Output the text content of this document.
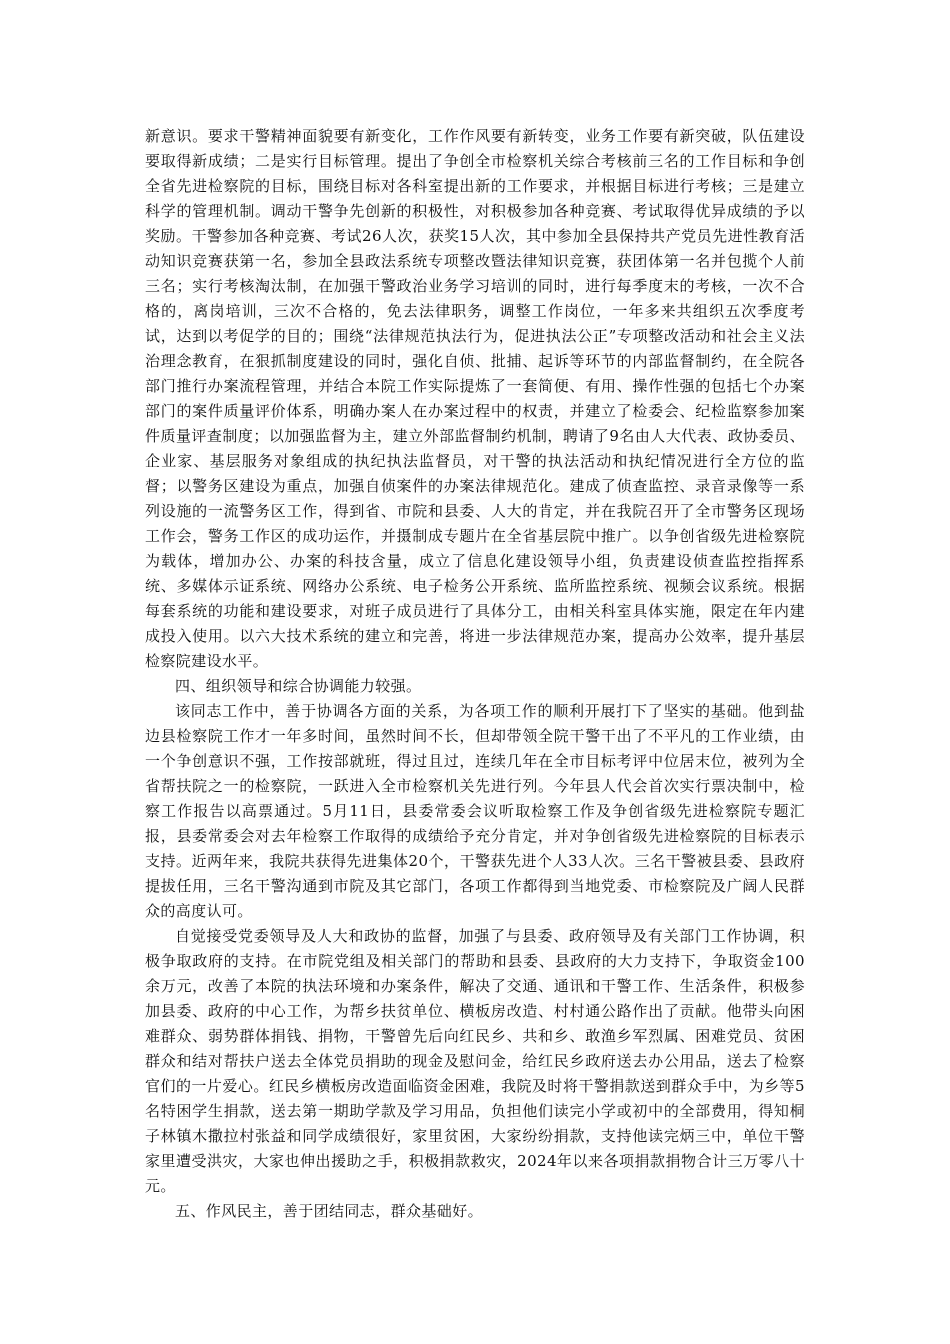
新意识。要求干警精神面貌要有新变化，工作作风要有新转变，业务工作要有新突破，队伍建设要取得新成绩；二是实行目标管理。提出了争创全市检察机关综合考核前三名的工作目标和争创全省先进检察院的目标，围绕目标对各科室提出新的工作要求，并根据目标进行考核；三是建立科学的管理机制。调动干警争先创新的积极性，对积极参加各种竞赛、考试取得优异成绩的予以奖励。干警参加各种竞赛、考试26人次，获奖15人次，其中参加全县保持共产党员先进性教育活动知识竞赛获第一名，参加全县政法系统专项整改暨法律知识竞赛，获团体第一名并包揽个人前三名；实行考核淘汰制，在加强干警政治业务学习培训的同时，进行每季度末的考核，一次不合格的，离岗培训，三次不合格的，免去法律职务，调整工作岗位，一年多来共组织五次季度考试，达到以考促学的目的；围绕“法律规范执法行为，促进执法公正”专项整改活动和社会主义法治理念教育，在狠抓制度建设的同时，强化自侦、批捕、起诉等环节的内部监督制约，在全院各部门推行办案流程管理，并结合本院工作实际提炼了一套简便、有用、操作性强的包括七个办案部门的案件质量评价体系，明确办案人在办案过程中的权责，并建立了检委会、纪检监察参加案件质量评查制度；以加强监督为主，建立外部监督制约机制，聘请了9名由人大代表、政协委员、企业家、基层服务对象组成的执纪执法监督员，对干警的执法活动和执纪情况进行全方位的监督；以警务区建设为重点，加强自侦案件的办案法律规范化。建成了侦查监控、录音录像等一系列设施的一流警务区工作，得到省、市院和县委、人大的肯定，并在我院召开了全市警务区现场工作会，警务工作区的成功运作，并摄制成专题片在全省基层院中推广。以争创省级先进检察院为载体，增加办公、办案的科技含量，成立了信息化建设领导小组，负责建设侦查监控指挥系统、多媒体示证系统、网络办公系统、电子检务公开系统、监所监控系统、视频会议系统。根据每套系统的功能和建设要求，对班子成员进行了具体分工，由相关科室具体实施，限定在年内建成投入使用。以六大技术系统的建立和完善，将进一步法律规范办案，提高办公效率，提升基层检察院建设水平。

四、组织领导和综合协调能力较强。

该同志工作中，善于协调各方面的关系，为各项工作的顺利开展打下了坚实的基础。他到盐边县检察院工作才一年多时间，虽然时间不长，但却带领全院干警干出了不平凡的工作业绩，由一个争创意识不强，工作按部就班，得过且过，连续几年在全市目标考评中位居末位，被列为全省帮扶院之一的检察院，一跃进入全市检察机关先进行列。今年县人代会首次实行票决制中，检察工作报告以高票通过。5月11日，县委常委会议听取检察工作及争创省级先进检察院专题汇报，县委常委会对去年检察工作取得的成绩给予充分肯定，并对争创省级先进检察院的目标表示支持。近两年来，我院共获得先进集体20个，干警获先进个人33人次。三名干警被县委、县政府提拔任用，三名干警沟通到市院及其它部门，各项工作都得到当地党委、市检察院及广阔人民群众的高度认可。

自觉接受党委领导及人大和政协的监督，加强了与县委、政府领导及有关部门工作协调，积极争取政府的支持。在市院党组及相关部门的帮助和县委、县政府的大力支持下，争取资金100余万元，改善了本院的执法环境和办案条件，解决了交通、通讯和干警工作、生活条件，积极参加县委、政府的中心工作，为帮乡扶贫单位、横板房改造、村村通公路作出了贡献。他带头向困难群众、弱势群体捐钱、捐物，干警曾先后向红民乡、共和乡、敢渔乡军烈属、困难党员、贫困群众和结对帮扶户送去全体党员捐助的现金及慰问金，给红民乡政府送去办公用品，送去了检察官们的一片爱心。红民乡横板房改造面临资金困难，我院及时将干警捐款送到群众手中，为乡等5名特困学生捐款，送去第一期助学款及学习用品，负担他们读完小学或初中的全部费用，得知桐子林镇木撒拉村张益和同学成绩很好，家里贫困，大家纷纷捐款，支持他读完炳三中，单位干警家里遭受洪灾，大家也伸出援助之手，积极捐款救灾，2024年以来各项捐款捐物合计三万零八十元。

五、作风民主，善于团结同志，群众基础好。
